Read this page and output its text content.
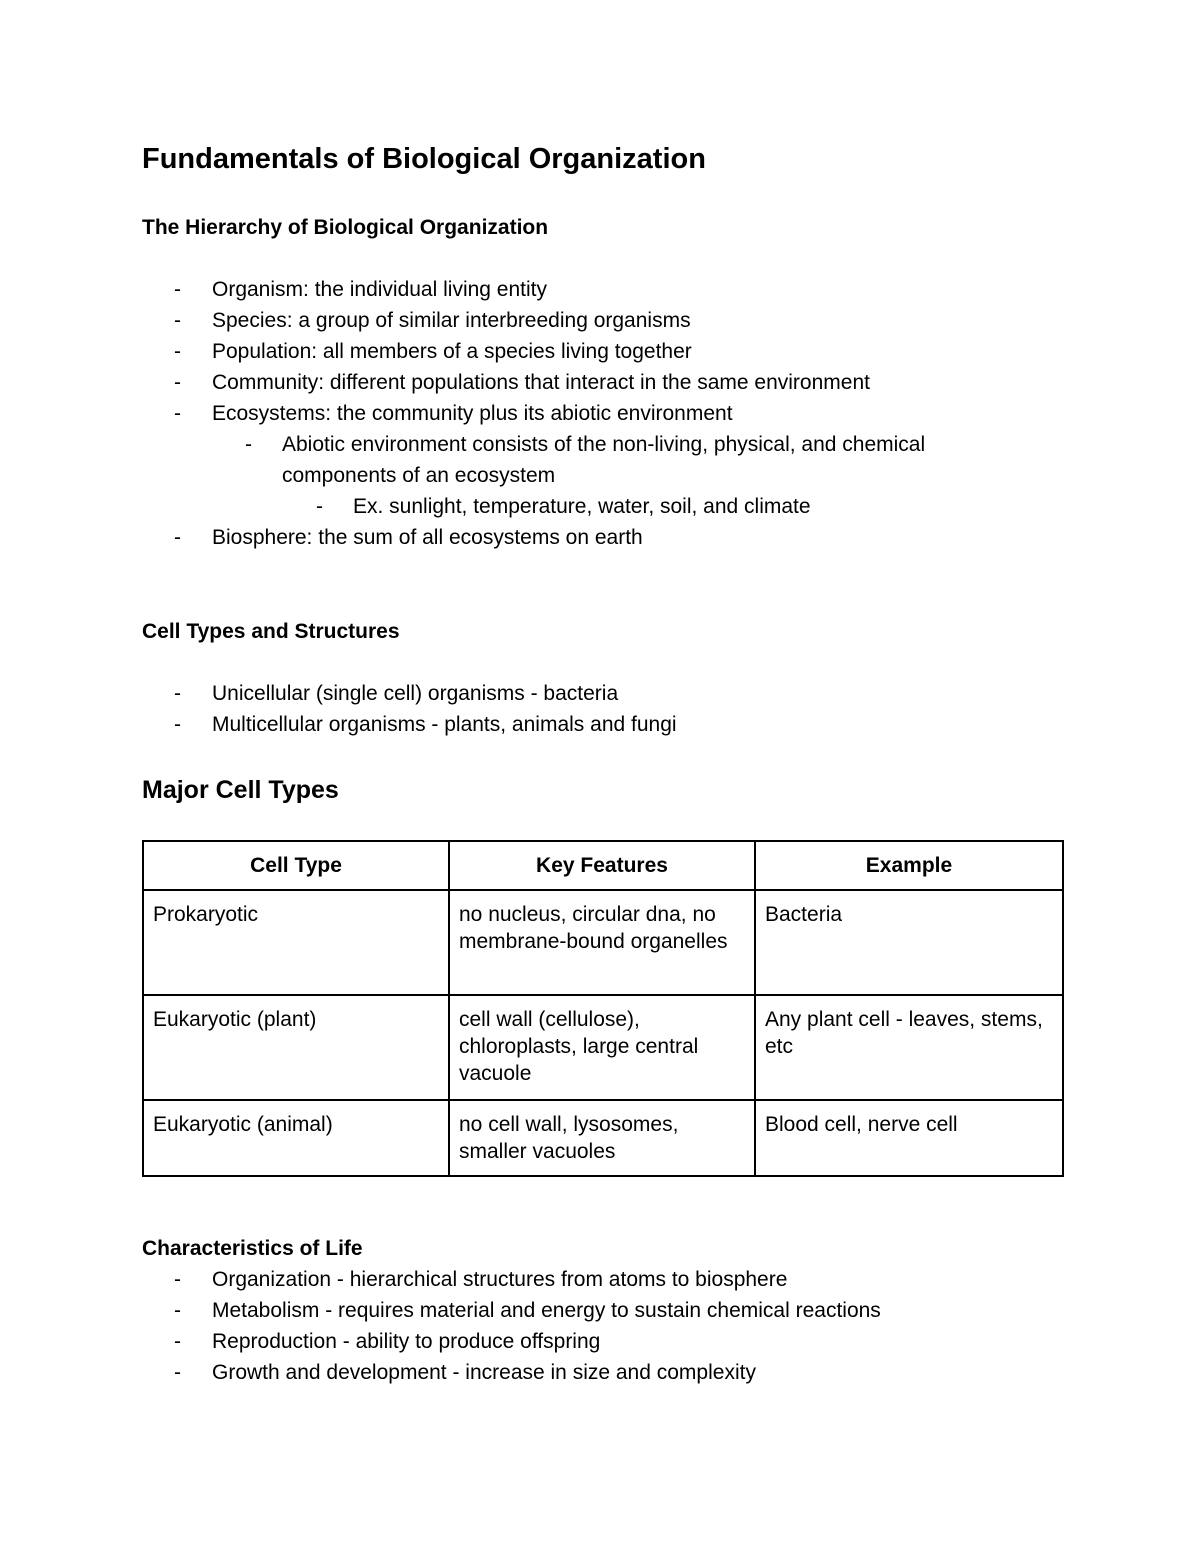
Fundamentals of Biological Organization
The Hierarchy of Biological Organization
- Organism: the individual living entity
- Species: a group of similar interbreeding organisms
- Population: all members of a species living together
- Community: different populations that interact in the same environment
- Ecosystems: the community plus its abiotic environment
- Abiotic environment consists of the non-living, physical, and chemical
components of an ecosystem
- Ex. sunlight, temperature, water, soil, and climate
- Biosphere: the sum of all ecosystems on earth
Cell Types and Structures
- Unicellular (single cell) organisms - bacteria
- Multicellular organisms - plants, animals and fungi
Major Cell Types
Cell Type	Key Features	Example
Prokaryotic	no nucleus, circular dna, no membrane-bound organelles	Bacteria
Eukaryotic (plant)	cell wall (cellulose), chloroplasts, large central vacuole	Any plant cell - leaves, stems, etc
Eukaryotic (animal)	no cell wall, lysosomes, smaller vacuoles	Blood cell, nerve cell
Characteristics of Life
- Organization - hierarchical structures from atoms to biosphere
- Metabolism - requires material and energy to sustain chemical reactions
- Reproduction - ability to produce offspring
- Growth and development - increase in size and complexity
